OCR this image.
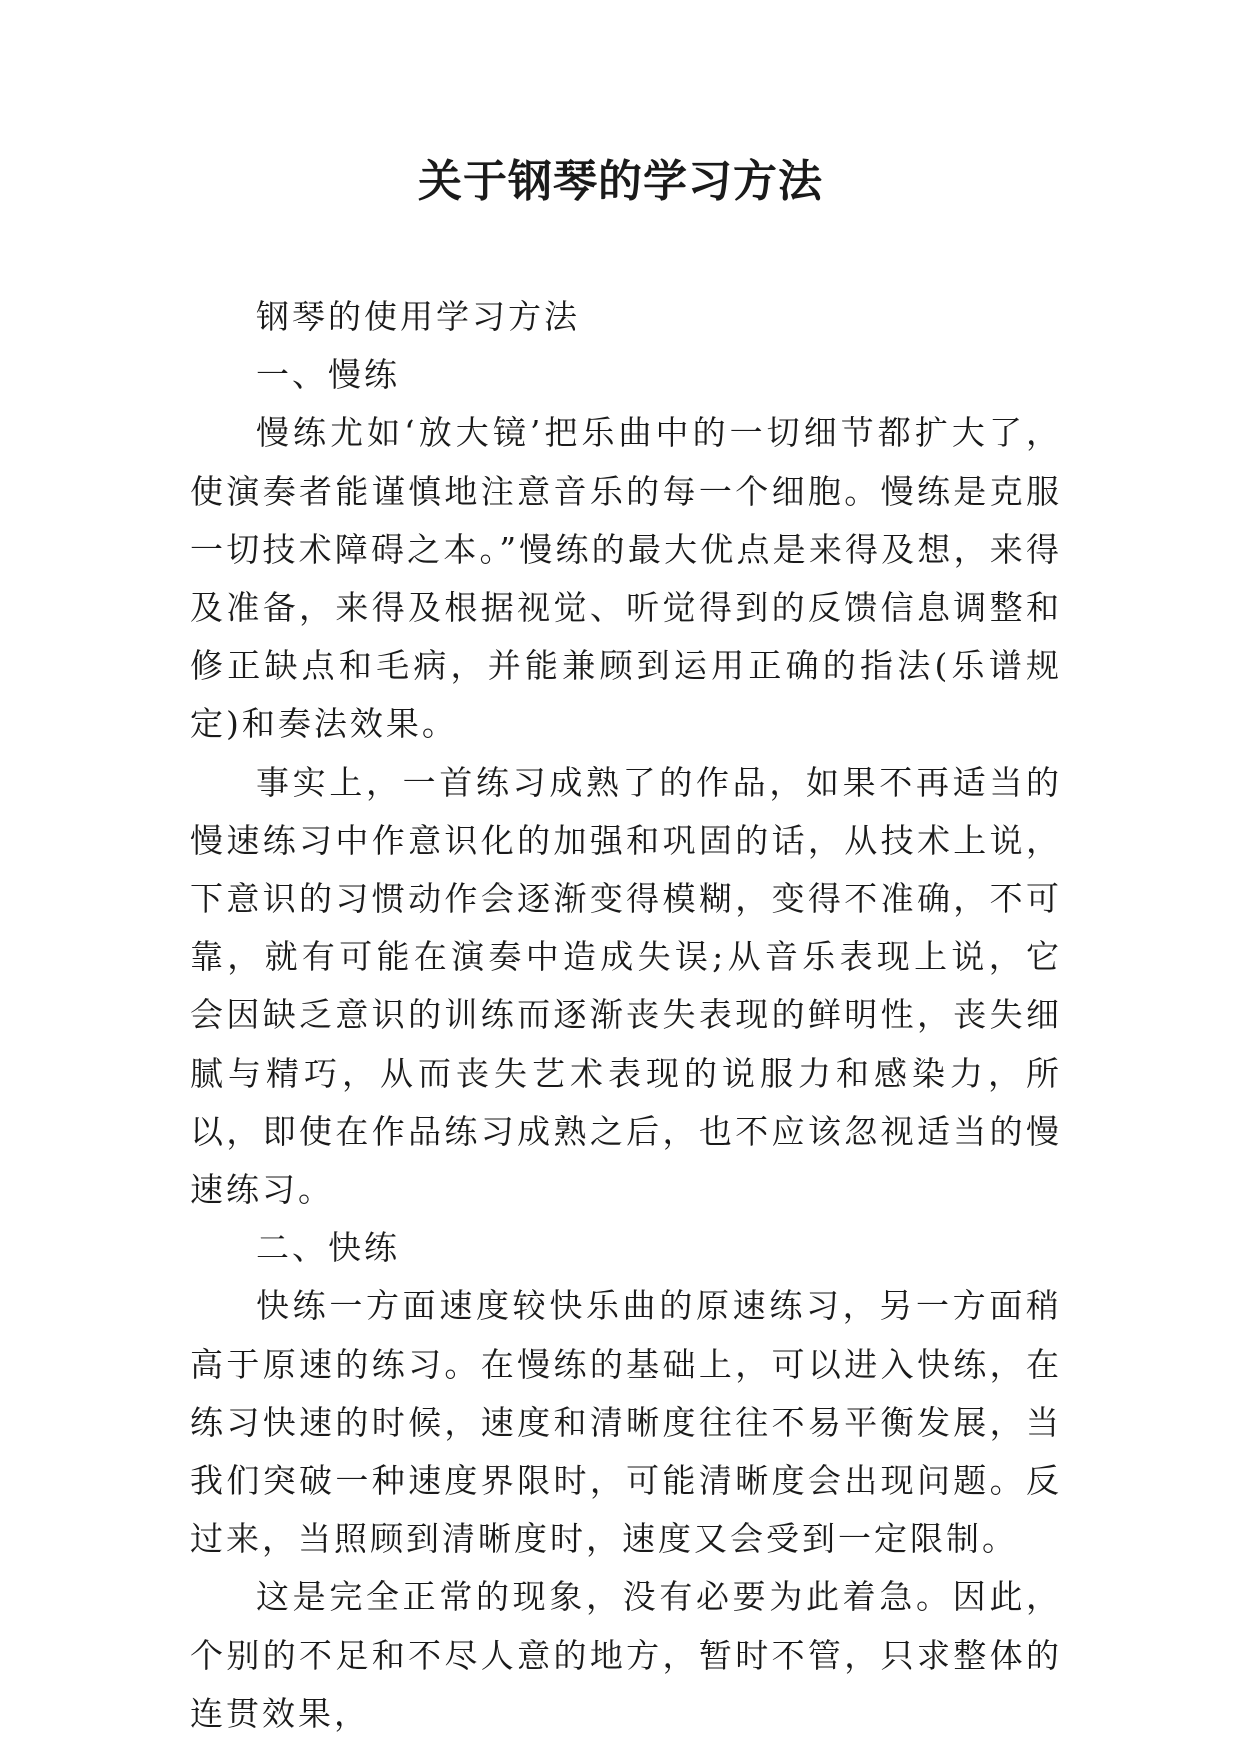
关于钢琴的学习方法

钢琴的使用学习方法

一、慢练

慢练尤如‘放大镜’把乐曲中的一切细节都扩大了，使演奏者能谨慎地注意音乐的每一个细胞。慢练是克服一切技术障碍之本。”慢练的最大优点是来得及想，来得及准备，来得及根据视觉、听觉得到的反馈信息调整和修正缺点和毛病，并能兼顾到运用正确的指法(乐谱规定)和奏法效果。

事实上，一首练习成熟了的作品，如果不再适当的慢速练习中作意识化的加强和巩固的话，从技术上说，下意识的习惯动作会逐渐变得模糊，变得不准确，不可靠，就有可能在演奏中造成失误;从音乐表现上说，它会因缺乏意识的训练而逐渐丧失表现的鲜明性，丧失细腻与精巧，从而丧失艺术表现的说服力和感染力，所以，即使在作品练习成熟之后，也不应该忽视适当的慢速练习。

二、快练

快练一方面速度较快乐曲的原速练习，另一方面稍高于原速的练习。在慢练的基础上，可以进入快练，在练习快速的时候，速度和清晰度往往不易平衡发展，当我们突破一种速度界限时，可能清晰度会出现问题。反过来，当照顾到清晰度时，速度又会受到一定限制。

这是完全正常的现象，没有必要为此着急。因此，个别的不足和不尽人意的地方，暂时不管，只求整体的连贯效果，
